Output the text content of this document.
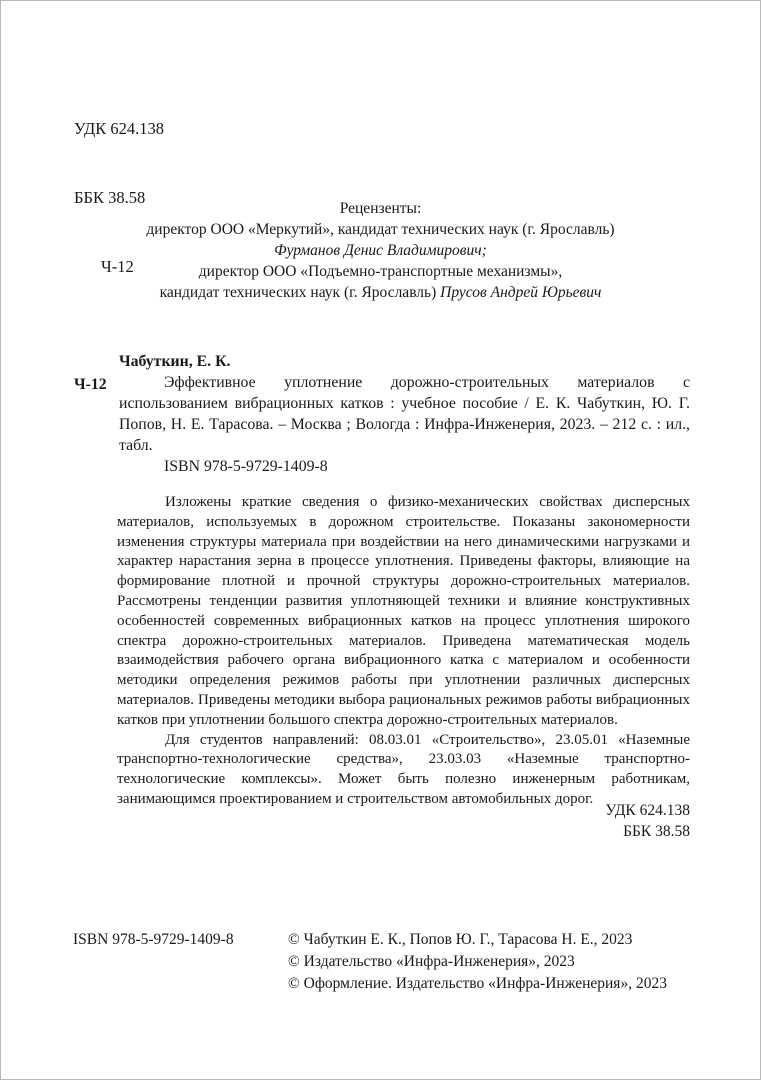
УДК 624.138

ББК 38.58

Ч-12

Рецензенты:
директор ООО «Меркутий», кандидат технических наук (г. Ярославль)
Фурманов Денис Владимирович;
директор ООО «Подъемно-транспортные механизмы»,
кандидат технических наук (г. Ярославль) Прусов Андрей Юрьевич
Чабуткин, Е. К.
Ч-12	Эффективное уплотнение дорожно-строительных материалов с использованием вибрационных катков : учебное пособие / Е. К. Чабуткин, Ю. Г. Попов, Н. Е. Тарасова. – Москва ; Вологда : Инфра-Инженерия, 2023. – 212 с. : ил., табл.

ISBN 978-5-9729-1409-8

Изложены краткие сведения о физико-механических свойствах дисперсных материалов, используемых в дорожном строительстве. Показаны закономерности изменения структуры материала при воздействии на него динамическими нагрузками и характер нарастания зерна в процессе уплотнения. Приведены факторы, влияющие на формирование плотной и прочной структуры дорожно-строительных материалов. Рассмотрены тенденции развития уплотняющей техники и влияние конструктивных особенностей современных вибрационных катков на процесс уплотнения широкого спектра дорожно-строительных материалов. Приведена математическая модель взаимодействия рабочего органа вибрационного катка с материалом и особенности методики определения режимов работы при уплотнении различных дисперсных материалов. Приведены методики выбора рациональных режимов работы вибрационных катков при уплотнении большого спектра дорожно-строительных материалов.

Для студентов направлений: 08.03.01 «Строительство», 23.05.01 «Наземные транспортно-технологические средства», 23.03.03 «Наземные транспортно-технологические комплексы». Может быть полезно инженерным работникам, занимающимся проектированием и строительством автомобильных дорог.

УДК 624.138
ББК 38.58
ISBN 978-5-9729-1409-8	© Чабуткин Е. К., Попов Ю. Г., Тарасова Н. Е., 2023
© Издательство «Инфра-Инженерия», 2023
© Оформление. Издательство «Инфра-Инженерия», 2023
